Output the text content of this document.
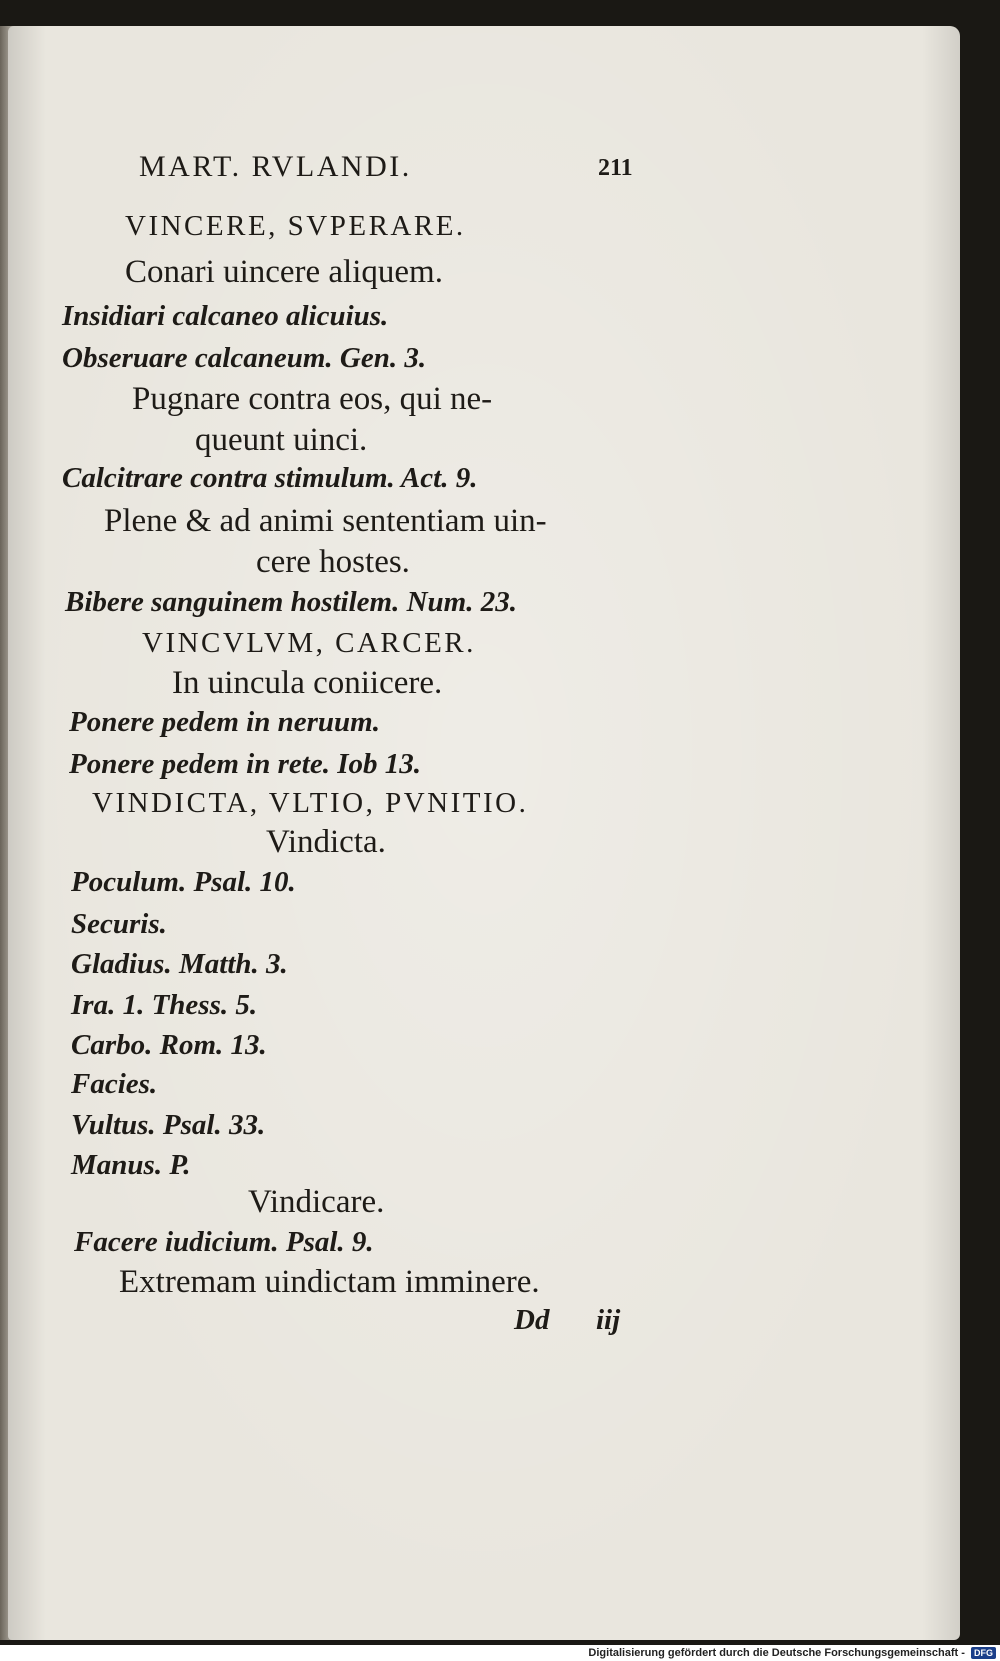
MART. RVLANDI.	211
VINCERE, SVPERARE.
Conari uincere aliquem.
Insidiari calcaneo alicuius.
Obseruare calcaneum. Gen. 3.
Pugnare contra eos, qui ne-
queunt uinci.
Calcitrare contra stimulum. Act. 9.
Plene & ad animi sententiam uin-
cere hostes.
Bibere sanguinem hostilem. Num. 23.
VINCVLVM, CARCER.
In uincula coniicere.
Ponere pedem in neruum.
Ponere pedem in rete. Iob 13.
VINDICTA, VLTIO, PVNITIO.
Vindicta.
Poculum. Psal. 10.
Securis.
Gladius. Matth. 3.
Ira. 1. Thess. 5.
Carbo. Rom. 13.
Facies.
Vultus. Psal. 33.
Manus. P.
Vindicare.
Facere iudicium. Psal. 9.
Extremam uindictam imminere.
Dd iij
Digitalisierung gefördert durch die Deutsche Forschungsgemeinschaft - DFG
